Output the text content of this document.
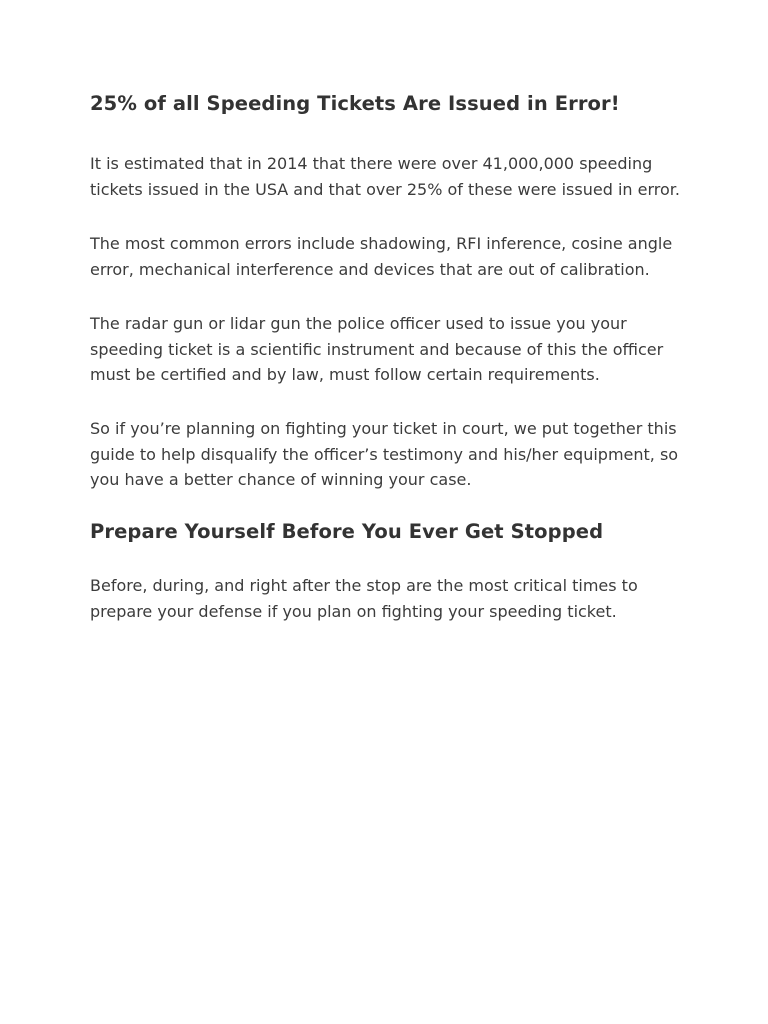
25% of all Speeding Tickets Are Issued in Error!

It is estimated that in 2014 that there were over 41,000,000 speeding tickets issued in the USA and that over 25% of these were issued in error.

The most common errors include shadowing, RFI inference, cosine angle error, mechanical interference and devices that are out of calibration.

The radar gun or lidar gun the police officer used to issue you your speeding ticket is a scientific instrument and because of this the officer must be certified and by law, must follow certain requirements.

So if you’re planning on fighting your ticket in court, we put together this guide to help disqualify the officer’s testimony and his/her equipment, so you have a better chance of winning your case.

Prepare Yourself Before You Ever Get Stopped

Before, during, and right after the stop are the most critical times to prepare your defense if you plan on fighting your speeding ticket.
